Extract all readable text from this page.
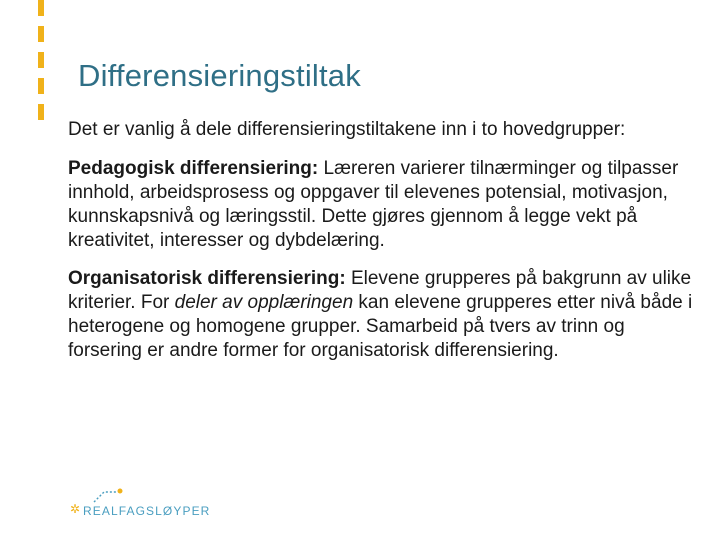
Differensieringstiltak

Det er vanlig å dele differensieringstiltakene inn i to hovedgrupper:

Pedagogisk differensiering: Læreren varierer tilnærminger og tilpasser innhold, arbeidsprosess og oppgaver til elevenes potensial, motivasjon, kunnskapsnivå og læringsstil. Dette gjøres gjennom å legge vekt på kreativitet, interesser og dybdelæring.

Organisatorisk differensiering: Elevene grupperes på bakgrunn av ulike kriterier. For deler av opplæringen kan elevene grupperes etter nivå både i heterogene og homogene grupper. Samarbeid på tvers av trinn og forsering er andre former for organisatorisk differensiering.

✲ REALFAGSLØYPER
